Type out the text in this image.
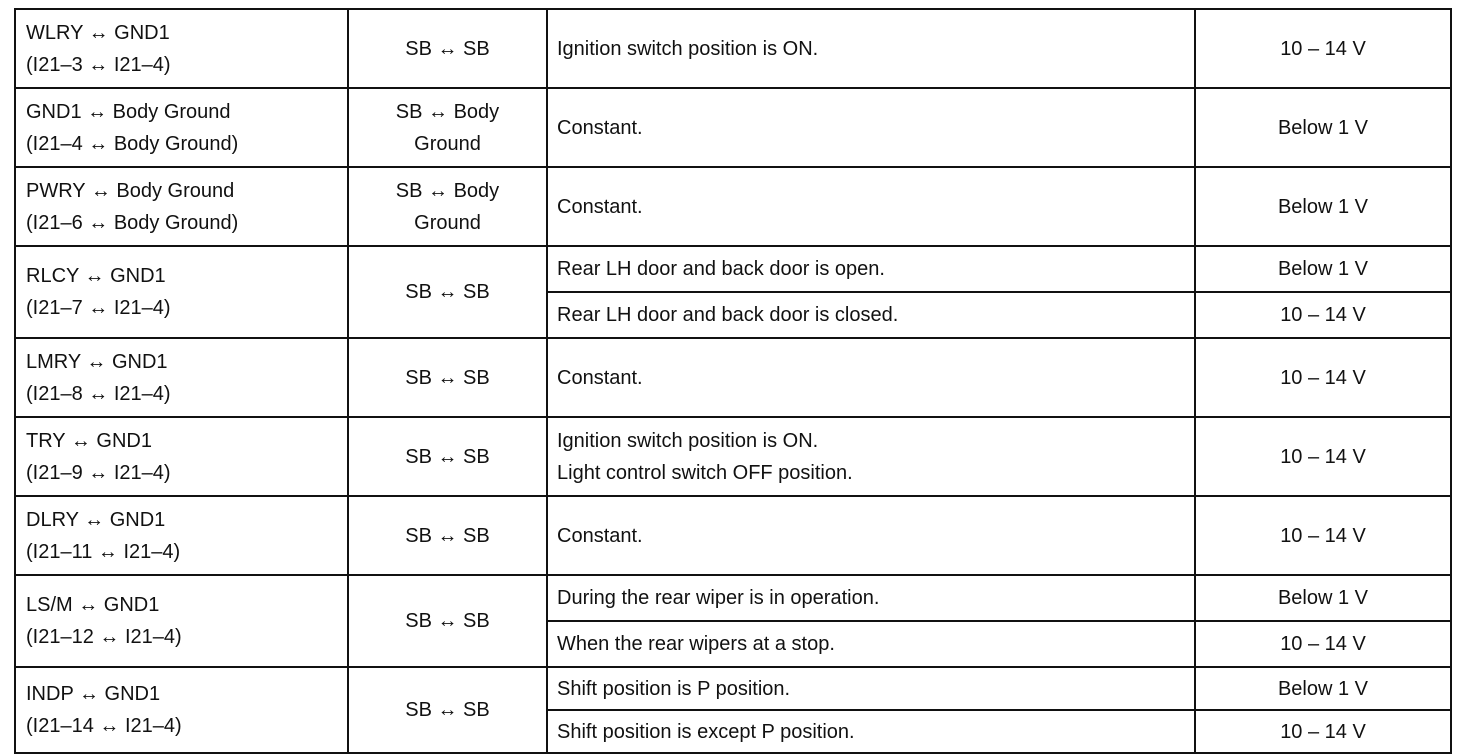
WLRY ↔ GND1
(I21–3 ↔ I21–4)	SB ↔ SB	Ignition switch position is ON.	10 – 14 V

GND1 ↔ Body Ground
(I21–4 ↔ Body Ground)	SB ↔ Body
Ground	Constant.	Below 1 V

PWRY ↔ Body Ground
(I21–6 ↔ Body Ground)	SB ↔ Body
Ground	Constant.	Below 1 V

RLCY ↔ GND1
(I21–7 ↔ I21–4)	SB ↔ SB	Rear LH door and back door is open.	Below 1 V

		Rear LH door and back door is closed.	10 – 14 V

LMRY ↔ GND1
(I21–8 ↔ I21–4)	SB ↔ SB	Constant.	10 – 14 V

TRY ↔ GND1
(I21–9 ↔ I21–4)	SB ↔ SB	Ignition switch position is ON.
Light control switch OFF position.	10 – 14 V

DLRY ↔ GND1
(I21–11 ↔ I21–4)	SB ↔ SB	Constant.	10 – 14 V

LS/M ↔ GND1
(I21–12 ↔ I21–4)	SB ↔ SB	During the rear wiper is in operation.	Below 1 V

		When the rear wipers at a stop.	10 – 14 V

INDP ↔ GND1
(I21–14 ↔ I21–4)	SB ↔ SB	Shift position is P position.	Below 1 V

		Shift position is except P position.	10 – 14 V
